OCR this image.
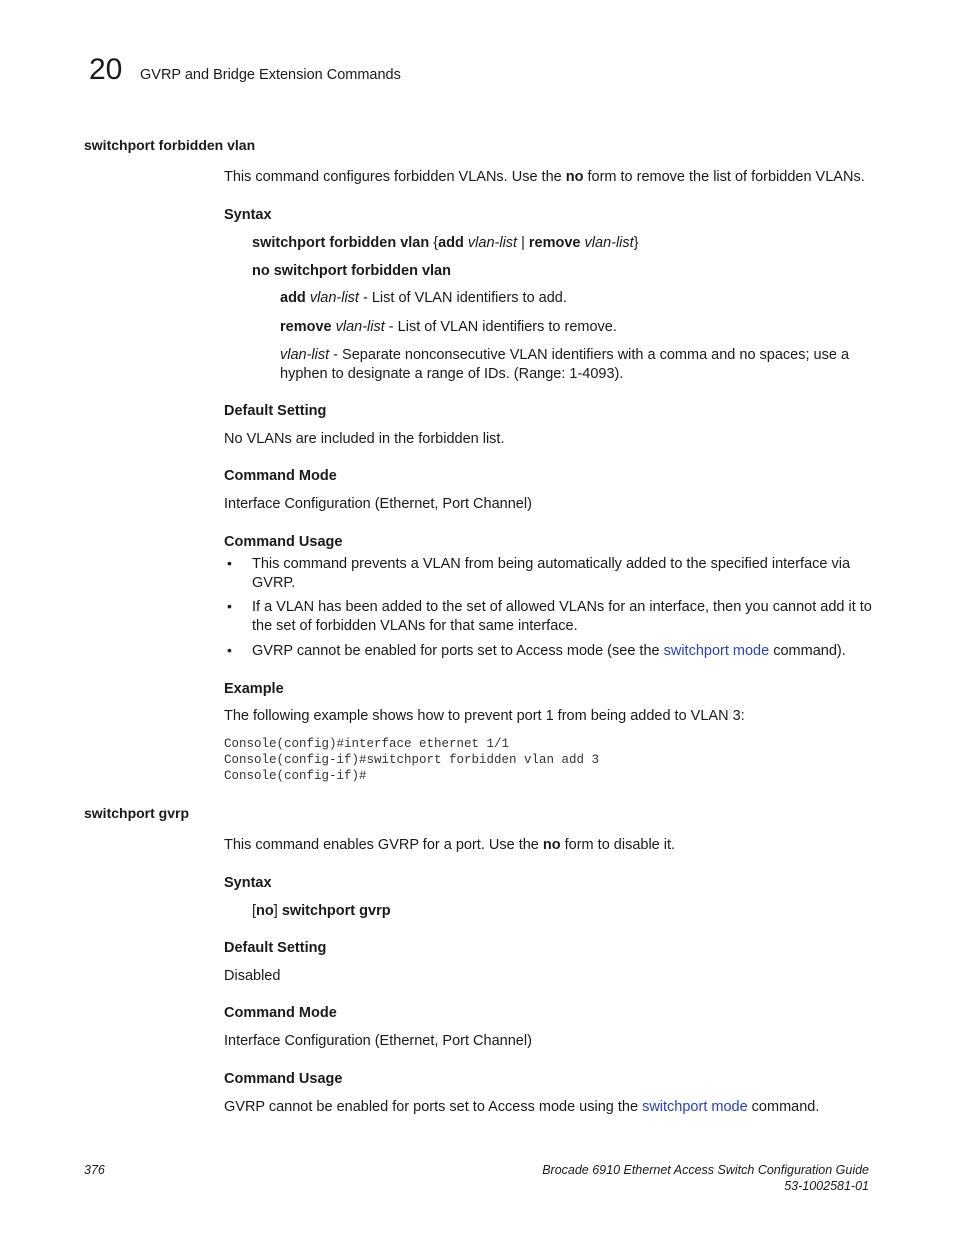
20 GVRP and Bridge Extension Commands
switchport forbidden vlan
This command configures forbidden VLANs. Use the no form to remove the list of forbidden VLANs.
Syntax
switchport forbidden vlan {add vlan-list | remove vlan-list}
no switchport forbidden vlan
add vlan-list - List of VLAN identifiers to add.
remove vlan-list - List of VLAN identifiers to remove.
vlan-list - Separate nonconsecutive VLAN identifiers with a comma and no spaces; use a hyphen to designate a range of IDs. (Range: 1-4093).
Default Setting
No VLANs are included in the forbidden list.
Command Mode
Interface Configuration (Ethernet, Port Channel)
Command Usage
• This command prevents a VLAN from being automatically added to the specified interface via GVRP.
• If a VLAN has been added to the set of allowed VLANs for an interface, then you cannot add it to the set of forbidden VLANs for that same interface.
• GVRP cannot be enabled for ports set to Access mode (see the switchport mode command).
Example
The following example shows how to prevent port 1 from being added to VLAN 3:
Console(config)#interface ethernet 1/1
Console(config-if)#switchport forbidden vlan add 3
Console(config-if)#
switchport gvrp
This command enables GVRP for a port. Use the no form to disable it.
Syntax
[no] switchport gvrp
Default Setting
Disabled
Command Mode
Interface Configuration (Ethernet, Port Channel)
Command Usage
GVRP cannot be enabled for ports set to Access mode using the switchport mode command.
376	Brocade 6910 Ethernet Access Switch Configuration Guide
53-1002581-01
